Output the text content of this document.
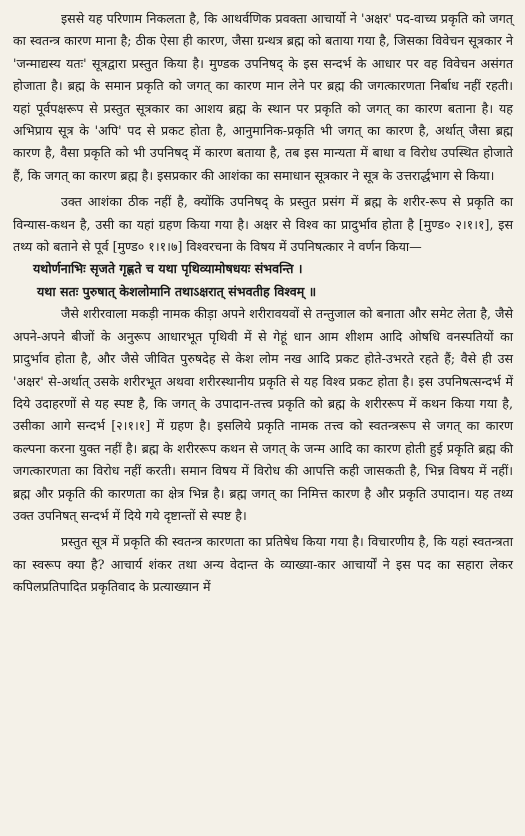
इससे यह परिणाम निकलता है, कि आथर्वणिक प्रवक्ता आचार्यो ने 'अक्षर' पद-वाच्य प्रकृति को जगत् का स्वतन्त्र कारण माना है; ठीक ऐसा ही कारण, जैसा ग्रन्थत्र ब्रह्म को बताया गया है, जिसका विवेचन सूत्रकार ने 'जन्माद्यस्य यतः' सूत्रद्वारा प्रस्तुत किया है। मुण्डक उपनिषद् के इस सन्दर्भ के आधार पर वह विवेचन असंगत होजाता है। ब्रह्म के समान प्रकृति को जगत् का कारण मान लेने पर ब्रह्म की जगत्कारणता निर्बाध नहीं रहती। यहां पूर्वपक्षरूप से प्रस्तुत सूत्रकार का आशय ब्रह्म के स्थान पर प्रकृति को जगत् का कारण बताना है। यह अभिप्राय सूत्र के 'अपि' पद से प्रकट होता है, आनुमानिक-प्रकृति भी जगत् का कारण है, अर्थात् जैसा ब्रह्म कारण है, वैसा प्रकृति को भी उपनिषद् में कारण बताया है, तब इस मान्यता में बाधा व विरोध उपस्थित होजाते हैं, कि जगत् का कारण ब्रह्म है। इसप्रकार की आशंका का समाधान सूत्रकार ने सूत्र के उत्तरार्द्धभाग से किया।

उक्त आशंका ठीक नहीं है, क्योंकि उपनिषद् के प्रस्तुत प्रसंग में ब्रह्म के शरीर-रूप से प्रकृति का विन्यास-कथन है, उसी का यहां ग्रहण किया गया है। अक्षर से विश्व का प्रादुर्भाव होता है [मुण्ड० २।१।१], इस तथ्य को बताने से पूर्व [मुण्ड० १।१।७] विश्वरचना के विषय में उपनिषत्कार ने वर्णन किया—

यथोर्णनाभिः सृजते गृह्णते च यथा पृथिव्यामोषधयः संभवन्ति ।

यथा सतः पुरुषात् केशलोमानि तथाऽक्षरात् संभवतीह विश्वम् ॥

जैसे शरीरवाला मकड़ी नामक कीड़ा अपने शरीरावयवों से तन्तुजाल को बनाता और समेट लेता है, जैसे अपने-अपने बीजों के अनुरूप आधारभूत पृथिवी में से गेहूं धान आम शीशम आदि ओषधि वनस्पतियों का प्रादुर्भाव होता है, और जैसे जीवित पुरुषदेह से केश लोम नख आदि प्रकट होते-उभरते रहते हैं; वैसे ही उस 'अक्षर' से-अर्थात् उसके शरीरभूत अथवा शरीरस्थानीय प्रकृति से यह विश्व प्रकट होता है। इस उपनिषत्सन्दर्भ में दिये उदाहरणों से यह स्पष्ट है, कि जगत् के उपादान-तत्त्व प्रकृति को ब्रह्म के शरीररूप में कथन किया गया है, उसीका आगे सन्दर्भ [२।१।१] में ग्रहण है। इसलिये प्रकृति नामक तत्त्व को स्वतन्त्ररूप से जगत् का कारण कल्पना करना युक्त नहीं है। ब्रह्म के शरीररूप कथन से जगत् के जन्म आदि का कारण होती हुई प्रकृति ब्रह्म की जगत्कारणता का विरोध नहीं करती। समान विषय में विरोध की आपत्ति कही जासकती है, भिन्न विषय में नहीं। ब्रह्म और प्रकृति की कारणता का क्षेत्र भिन्न है। ब्रह्म जगत् का निमित्त कारण है और प्रकृति उपादान। यह तथ्य उक्त उपनिषत् सन्दर्भ में दिये गये दृष्टान्तों से स्पष्ट है।

प्रस्तुत सूत्र में प्रकृति की स्वतन्त्र कारणता का प्रतिषेध किया गया है। विचारणीय है, कि यहां स्वतन्त्रता का स्वरूप क्या है? आचार्य शंकर तथा अन्य वेदान्त के व्याख्या-कार आचार्यों ने इस पद का सहारा लेकर कपिलप्रतिपादित प्रकृतिवाद के प्रत्याख्यान में
